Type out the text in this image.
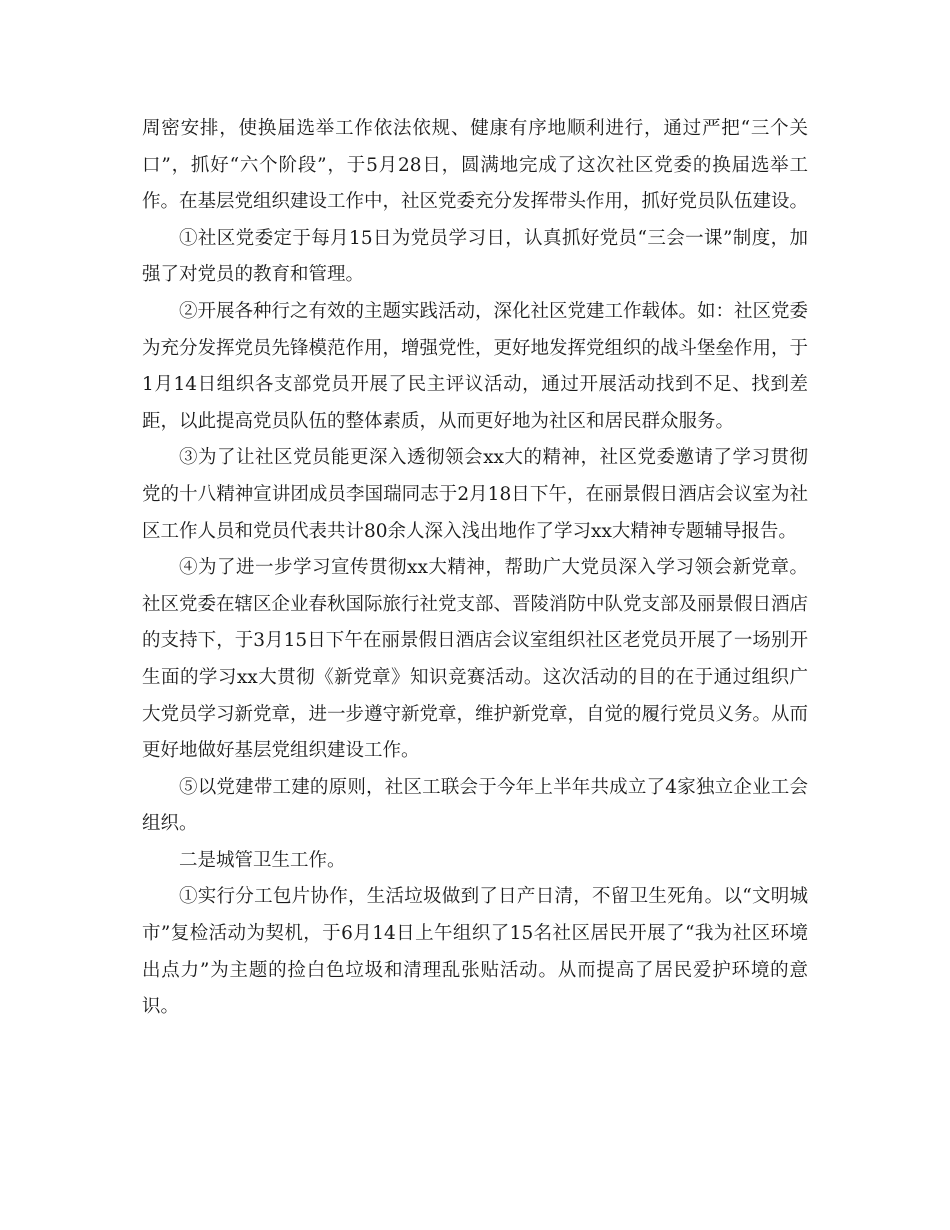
周密安排，使换届选举工作依法依规、健康有序地顺利进行，通过严把“三个关口”，抓好“六个阶段”，于5月28日，圆满地完成了这次社区党委的换届选举工作。在基层党组织建设工作中，社区党委充分发挥带头作用，抓好党员队伍建设。

①社区党委定于每月15日为党员学习日，认真抓好党员“三会一课”制度，加强了对党员的教育和管理。

②开展各种行之有效的主题实践活动，深化社区党建工作载体。如：社区党委为充分发挥党员先锋模范作用，增强党性，更好地发挥党组织的战斗堡垒作用，于1月14日组织各支部党员开展了民主评议活动，通过开展活动找到不足、找到差距，以此提高党员队伍的整体素质，从而更好地为社区和居民群众服务。

③为了让社区党员能更深入透彻领会xx大的精神，社区党委邀请了学习贯彻党的十八精神宣讲团成员李国瑞同志于2月18日下午，在丽景假日酒店会议室为社区工作人员和党员代表共计80余人深入浅出地作了学习xx大精神专题辅导报告。

④为了进一步学习宣传贯彻xx大精神，帮助广大党员深入学习领会新党章。社区党委在辖区企业春秋国际旅行社党支部、晋陵消防中队党支部及丽景假日酒店的支持下，于3月15日下午在丽景假日酒店会议室组织社区老党员开展了一场别开生面的学习xx大贯彻《新党章》知识竞赛活动。这次活动的目的在于通过组织广大党员学习新党章，进一步遵守新党章，维护新党章，自觉的履行党员义务。从而更好地做好基层党组织建设工作。

⑤以党建带工建的原则，社区工联会于今年上半年共成立了4家独立企业工会组织。

二是城管卫生工作。

①实行分工包片协作，生活垃圾做到了日产日清，不留卫生死角。以“文明城市”复检活动为契机，于6月14日上午组织了15名社区居民开展了“我为社区环境出点力”为主题的捡白色垃圾和清理乱张贴活动。从而提高了居民爱护环境的意识。
